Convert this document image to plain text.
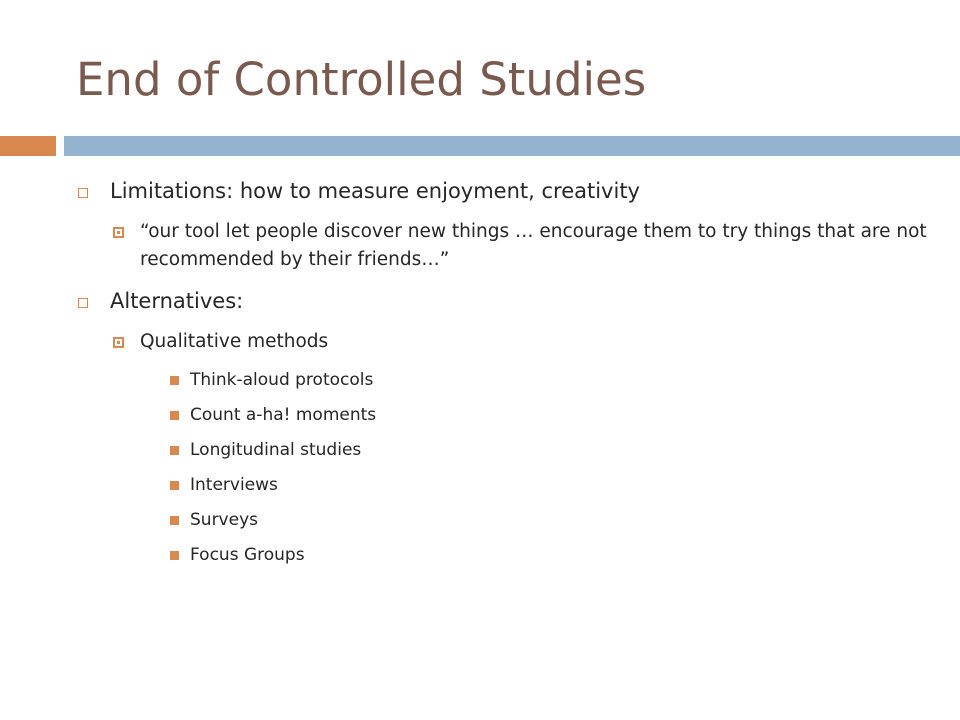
End of Controlled Studies
Limitations: how to measure enjoyment, creativity
“our tool let people discover new things … encourage them to try things that are not recommended by their friends…”
Alternatives:
Qualitative methods
Think-aloud protocols
Count a-ha! moments
Longitudinal studies
Interviews
Surveys
Focus Groups
